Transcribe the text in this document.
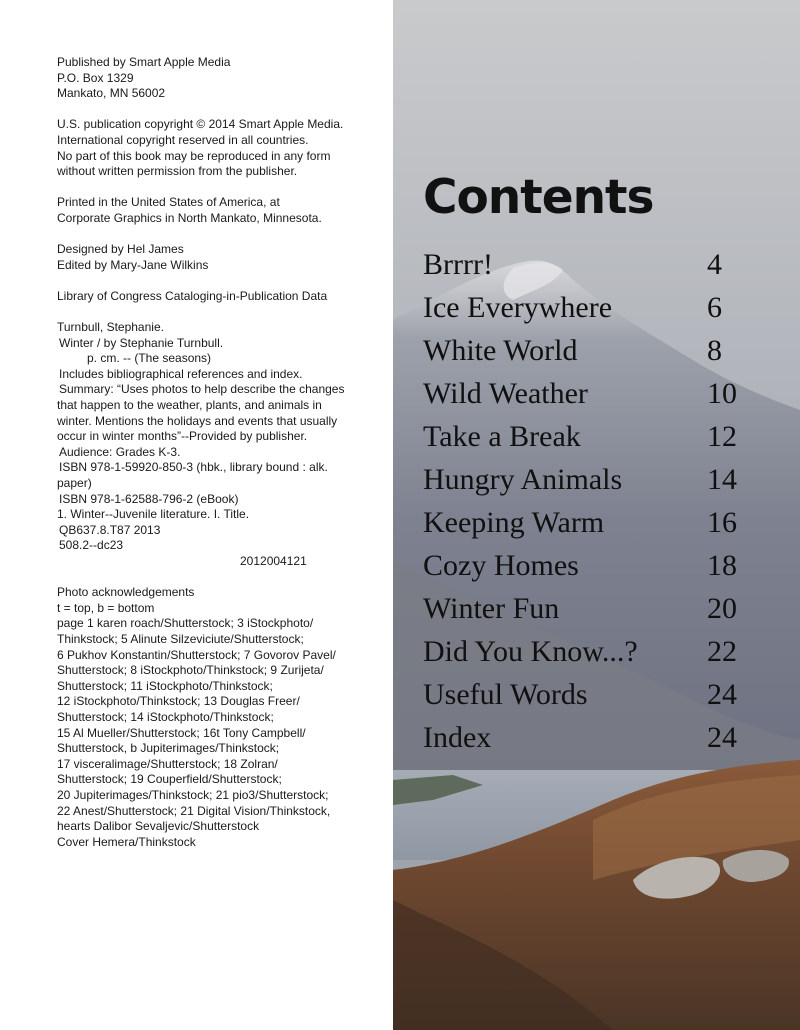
Published by Smart Apple Media
P.O. Box 1329
Mankato, MN 56002
U.S. publication copyright © 2014 Smart Apple Media.
International copyright reserved in all countries.
No part of this book may be reproduced in any form
without written permission from the publisher.
Printed in the United States of America, at
Corporate Graphics in North Mankato, Minnesota.
Designed by Hel James
Edited by Mary-Jane Wilkins
Library of Congress Cataloging-in-Publication Data
Turnbull, Stephanie.
Winter / by Stephanie Turnbull.
p. cm. -- (The seasons)
Includes bibliographical references and index.
Summary: “Uses photos to help describe the changes
that happen to the weather, plants, and animals in
winter. Mentions the holidays and events that usually
occur in winter months”--Provided by publisher.
Audience: Grades K-3.
ISBN 978-1-59920-850-3 (hbk., library bound : alk.
paper)
ISBN 978-1-62588-796-2 (eBook)
1. Winter--Juvenile literature. I. Title.
QB637.8.T87 2013
508.2--dc23
2012004121
Photo acknowledgements
t = top, b = bottom
page 1 karen roach/Shutterstock; 3 iStockphoto/
Thinkstock; 5 Alinute Silzeviciute/Shutterstock;
6 Pukhov Konstantin/Shutterstock; 7 Govorov Pavel/
Shutterstock; 8 iStockphoto/Thinkstock; 9 Zurijeta/
Shutterstock; 11 iStockphoto/Thinkstock;
12 iStockphoto/Thinkstock; 13 Douglas Freer/
Shutterstock; 14 iStockphoto/Thinkstock;
15 Al Mueller/Shutterstock; 16t Tony Campbell/
Shutterstock, b Jupiterimages/Thinkstock;
17 visceralimage/Shutterstock; 18 Zolran/
Shutterstock; 19 Couperfield/Shutterstock;
20 Jupiterimages/Thinkstock; 21 pio3/Shutterstock;
22 Anest/Shutterstock; 21 Digital Vision/Thinkstock,
hearts Dalibor Sevaljevic/Shutterstock
Cover Hemera/Thinkstock
Contents
Brrrr!	4
Ice Everywhere	6
White World	8
Wild Weather	10
Take a Break	12
Hungry Animals	14
Keeping Warm	16
Cozy Homes	18
Winter Fun	20
Did You Know...? 22
Useful Words	24
Index	24
